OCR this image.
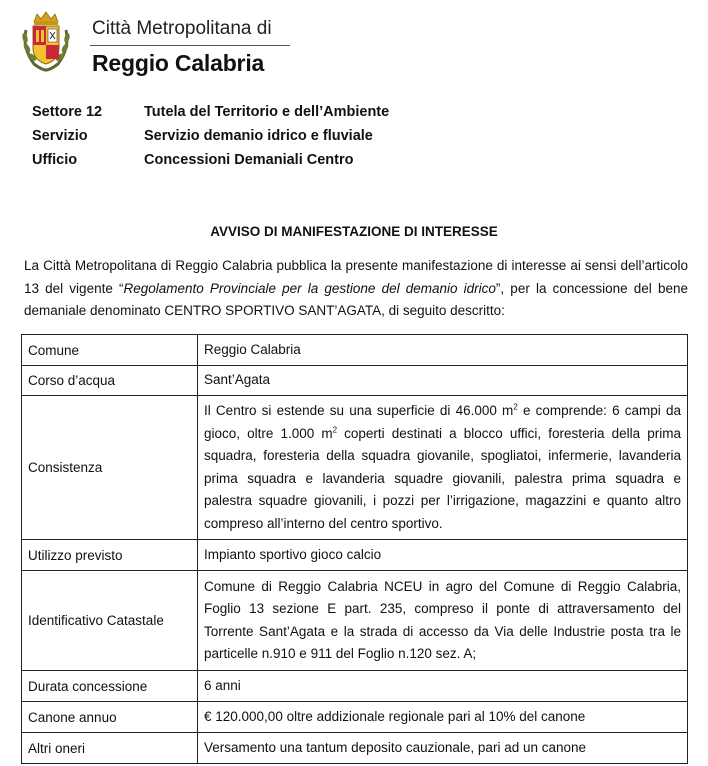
Città Metropolitana di
Reggio Calabria
Settore 12	Tutela del Territorio e dell’Ambiente
Servizio	Servizio demanio idrico e fluviale
Ufficio	Concessioni Demaniali Centro
AVVISO DI MANIFESTAZIONE DI INTERESSE
La Città Metropolitana di Reggio Calabria pubblica la presente manifestazione di interesse ai sensi dell’articolo 13 del vigente “Regolamento Provinciale per la gestione del demanio idrico”, per la concessione del bene demaniale denominato CENTRO SPORTIVO SANT’AGATA, di seguito descritto:
Comune	Reggio Calabria
Corso d’acqua	Sant’Agata
Consistenza	Il Centro si estende su una superficie di 46.000 $m^2$ e comprende: 6 campi da gioco, oltre 1.000 $m^2$ coperti destinati a blocco uffici, foresteria della prima squadra, foresteria della squadra giovanile, spogliatoi, infermerie, lavanderia prima squadra e lavanderia squadre giovanili, palestra prima squadra e palestra squadre giovanili, i pozzi per l’irrigazione, magazzini e quanto altro compreso all’interno del centro sportivo.
Utilizzo previsto	Impianto sportivo gioco calcio
Identificativo Catastale	Comune di Reggio Calabria NCEU in agro del Comune di Reggio Calabria, Foglio 13 sezione E part. 235, compreso il ponte di attraversamento del Torrente Sant’Agata e la strada di accesso da Via delle Industrie posta tra le particelle n.910 e 911 del Foglio n.120 sez. A;
Durata concessione	6 anni
Canone annuo	€ 120.000,00 oltre addizionale regionale pari al 10% del canone
Altri oneri	Versamento una tantum deposito cauzionale, pari ad un canone
